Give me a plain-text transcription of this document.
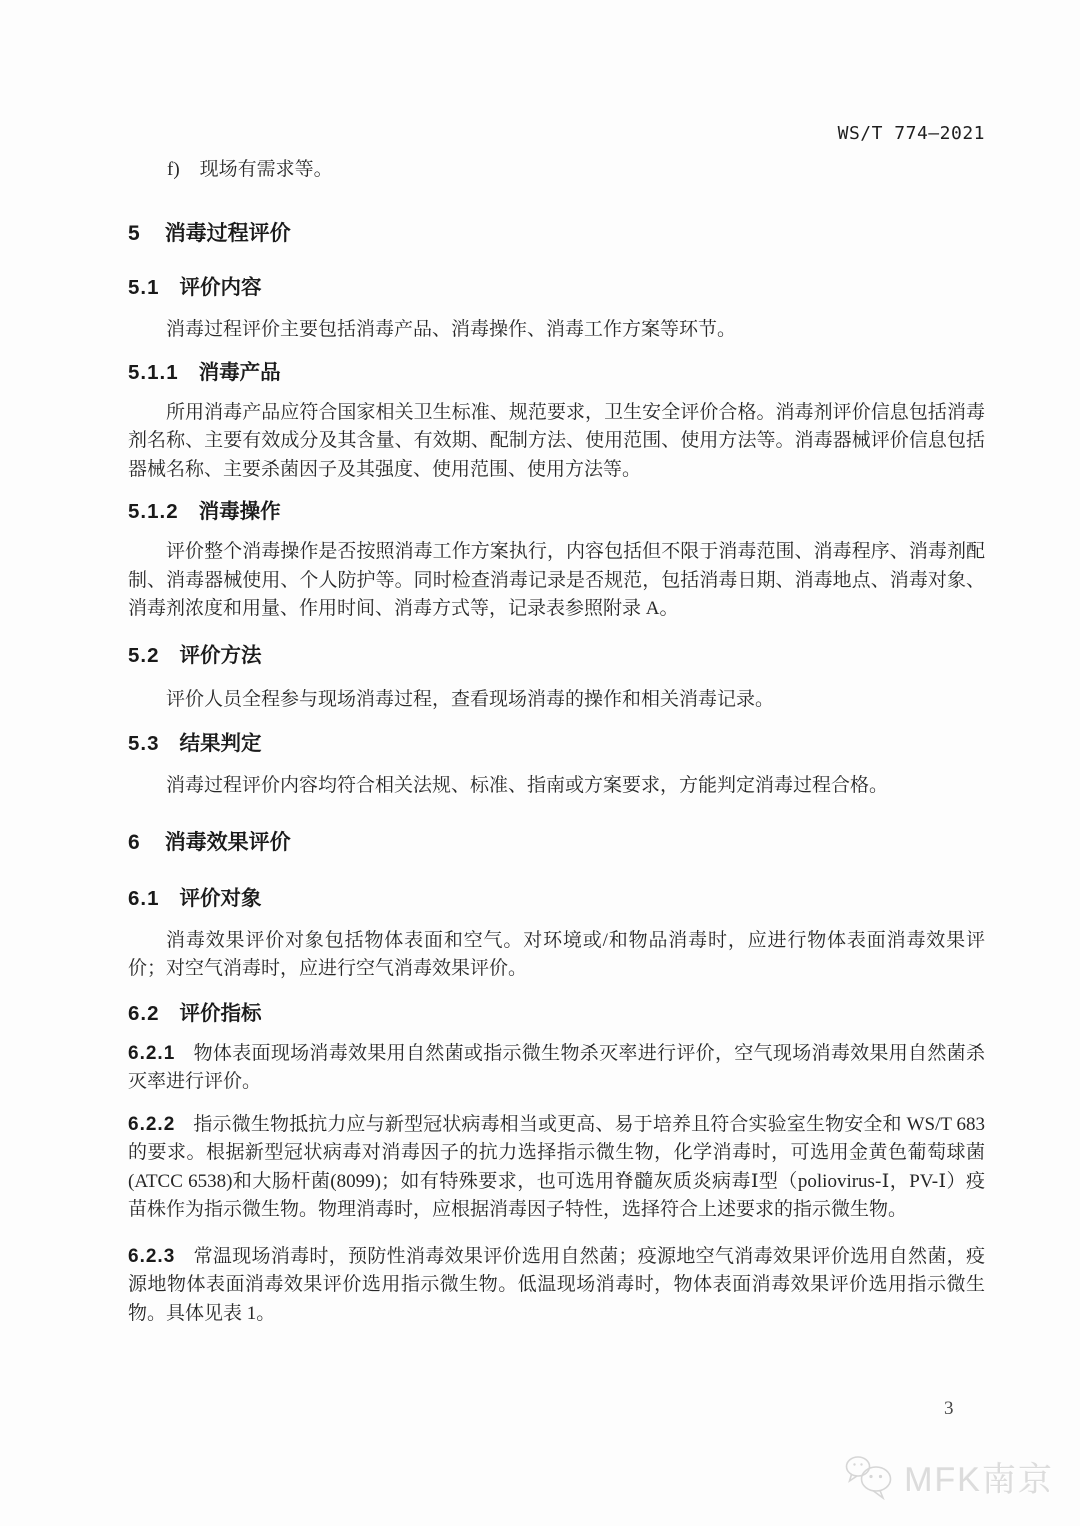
WS/T 774—2021
f) 现场有需求等。
5 消毒过程评价
5.1 评价内容

消毒过程评价主要包括消毒产品、消毒操作、消毒工作方案等环节。

5.1.1 消毒产品

所用消毒产品应符合国家相关卫生标准、规范要求，卫生安全评价合格。消毒剂评价信息包括消毒剂名称、主要有效成分及其含量、有效期、配制方法、使用范围、使用方法等。消毒器械评价信息包括器械名称、主要杀菌因子及其强度、使用范围、使用方法等。

5.1.2 消毒操作

评价整个消毒操作是否按照消毒工作方案执行，内容包括但不限于消毒范围、消毒程序、消毒剂配制、消毒器械使用、个人防护等。同时检查消毒记录是否规范，包括消毒日期、消毒地点、消毒对象、消毒剂浓度和用量、作用时间、消毒方式等，记录表参照附录 A。

5.2 评价方法

评价人员全程参与现场消毒过程，查看现场消毒的操作和相关消毒记录。

5.3 结果判定

消毒过程评价内容均符合相关法规、标准、指南或方案要求，方能判定消毒过程合格。

6 消毒效果评价
6.1 评价对象

消毒效果评价对象包括物体表面和空气。对环境或/和物品消毒时，应进行物体表面消毒效果评价；对空气消毒时，应进行空气消毒效果评价。

6.2 评价指标

6.2.1 物体表面现场消毒效果用自然菌或指示微生物杀灭率进行评价，空气现场消毒效果用自然菌杀灭率进行评价。

6.2.2 指示微生物抵抗力应与新型冠状病毒相当或更高、易于培养且符合实验室生物安全和 WS/T 683 的要求。根据新型冠状病毒对消毒因子的抗力选择指示微生物，化学消毒时，可选用金黄色葡萄球菌 (ATCC 6538)和大肠杆菌(8099)；如有特殊要求，也可选用脊髓灰质炎病毒Ⅰ型（poliovirus-Ⅰ，PV-Ⅰ）疫苗株作为指示微生物。物理消毒时，应根据消毒因子特性，选择符合上述要求的指示微生物。

6.2.3 常温现场消毒时，预防性消毒效果评价选用自然菌；疫源地空气消毒效果评价选用自然菌，疫源地物体表面消毒效果评价选用指示微生物。低温现场消毒时，物体表面消毒效果评价选用指示微生物。具体见表 1。

3
MFK南京
